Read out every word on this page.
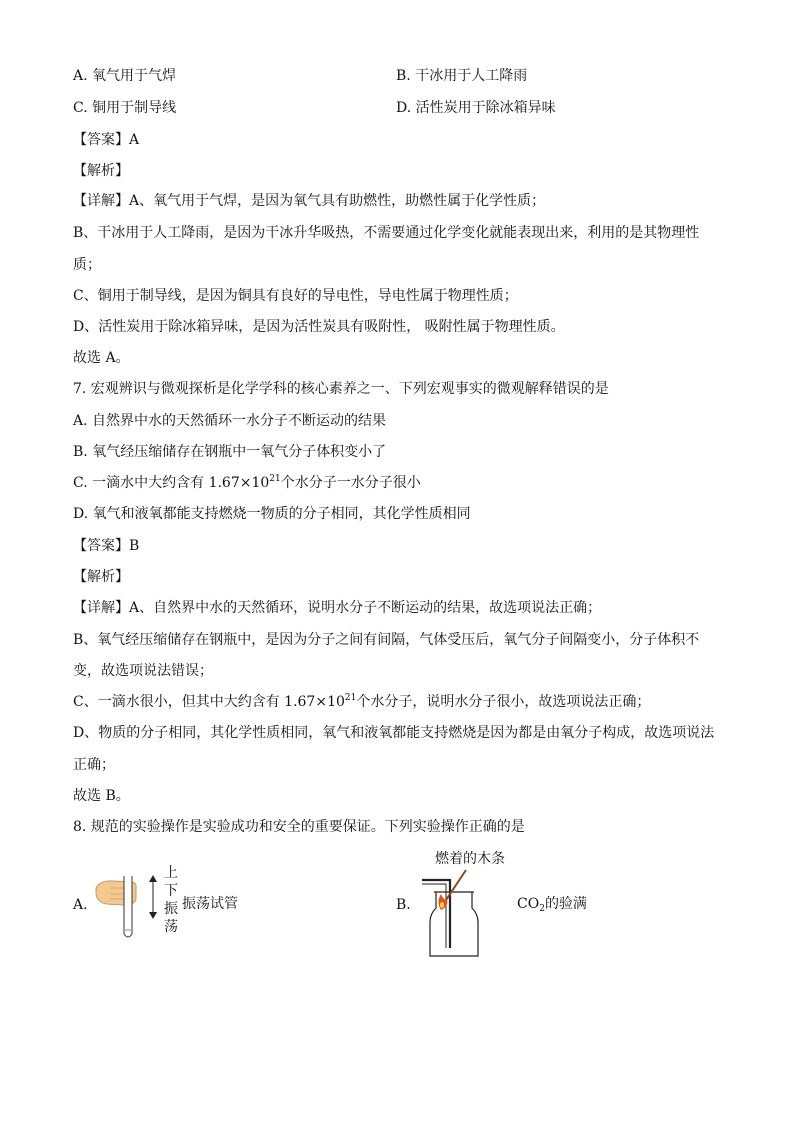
A. 氧气用于气焊	B. 干冰用于人工降雨
C. 铜用于制导线	D. 活性炭用于除冰箱异味
【答案】A
【解析】
【详解】A、氧气用于气焊，是因为氧气具有助燃性，助燃性属于化学性质；
B、干冰用于人工降雨，是因为干冰升华吸热，不需要通过化学变化就能表现出来，利用的是其物理性
质；
C、铜用于制导线，是因为铜具有良好的导电性，导电性属于物理性质；
D、活性炭用于除冰箱异味，是因为活性炭具有吸附性， 吸附性属于物理性质。
故选 A。
7. 宏观辨识与微观探析是化学学科的核心素养之一、下列宏观事实的微观解释错误的是
A. 自然界中水的天然循环一水分子不断运动的结果
B. 氧气经压缩储存在钢瓶中一氧气分子体积变小了
C. 一滴水中大约含有 $1.67\times 10^{21}$个水分子一水分子很小
D. 氧气和液氧都能支持燃烧一物质的分子相同，其化学性质相同
【答案】B
【解析】
【详解】A、自然界中水的天然循环，说明水分子不断运动的结果，故选项说法正确；
B、氧气经压缩储存在钢瓶中，是因为分子之间有间隔，气体受压后，氧气分子间隔变小，分子体积不
变，故选项说法错误；
C、一滴水很小，但其中大约含有 $1.67\times 10^{21}$个水分子，说明水分子很小，故选项说法正确；
D、物质的分子相同，其化学性质相同，氧气和液氧都能支持燃烧是因为都是由氧分子构成，故选项说法
正确；
故选 B。
8. 规范的实验操作是实验成功和安全的重要保证。下列实验操作正确的是
A.
上
下
振
荡
振荡试管	B.
燃着的木条
$CO_2$的验满
